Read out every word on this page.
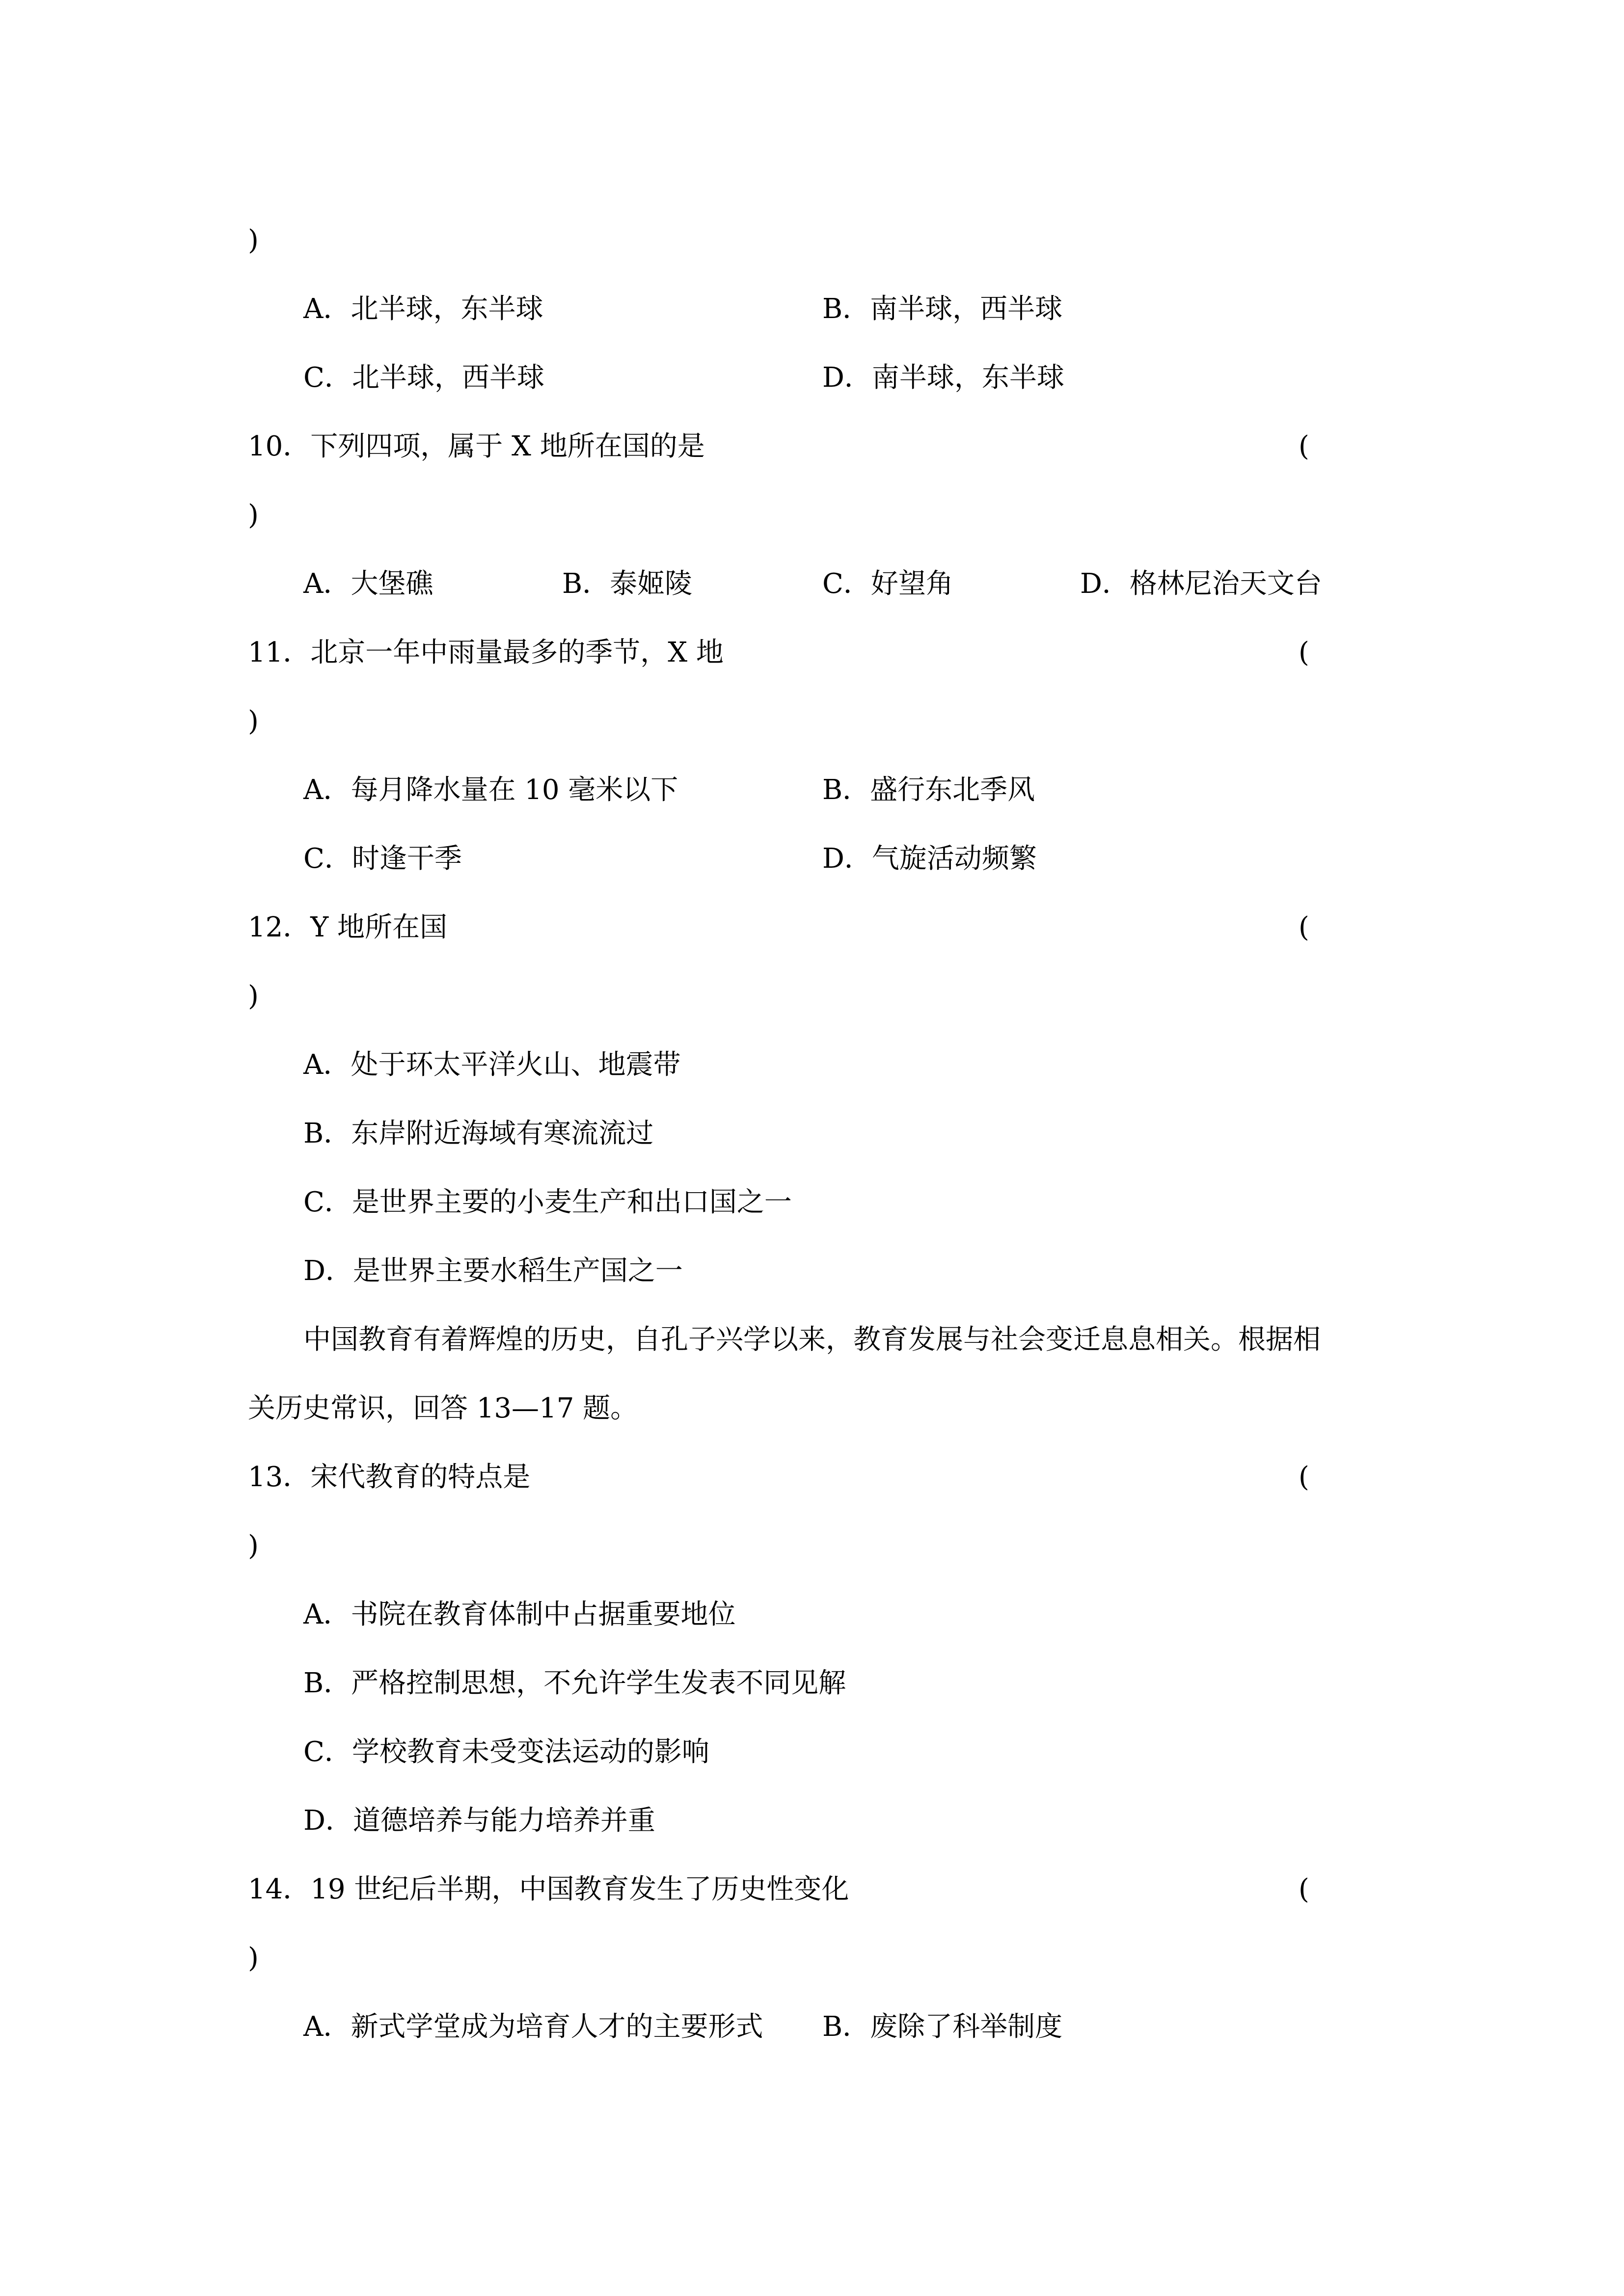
)
A．北半球，东半球	B．南半球，西半球
C．北半球，西半球	D．南半球，东半球
10．下列四项，属于 X 地所在国的是	(
)
A．大堡礁	B．泰姬陵	C．好望角	D．格林尼治天文台
11．北京一年中雨量最多的季节，X 地	(
)
A．每月降水量在 10 毫米以下	B．盛行东北季风
C．时逢干季	D．气旋活动频繁
12．Y 地所在国	(
)
A．处于环太平洋火山、地震带
B．东岸附近海域有寒流流过
C．是世界主要的小麦生产和出口国之一
D．是世界主要水稻生产国之一
中国教育有着辉煌的历史，自孔子兴学以来，教育发展与社会变迁息息相关。根据相
关历史常识，回答 13—17 题。
13．宋代教育的特点是	(
)
A．书院在教育体制中占据重要地位
B．严格控制思想，不允许学生发表不同见解
C．学校教育未受变法运动的影响
D．道德培养与能力培养并重
14．19 世纪后半期，中国教育发生了历史性变化	(
)
A．新式学堂成为培育人才的主要形式 B．废除了科举制度
